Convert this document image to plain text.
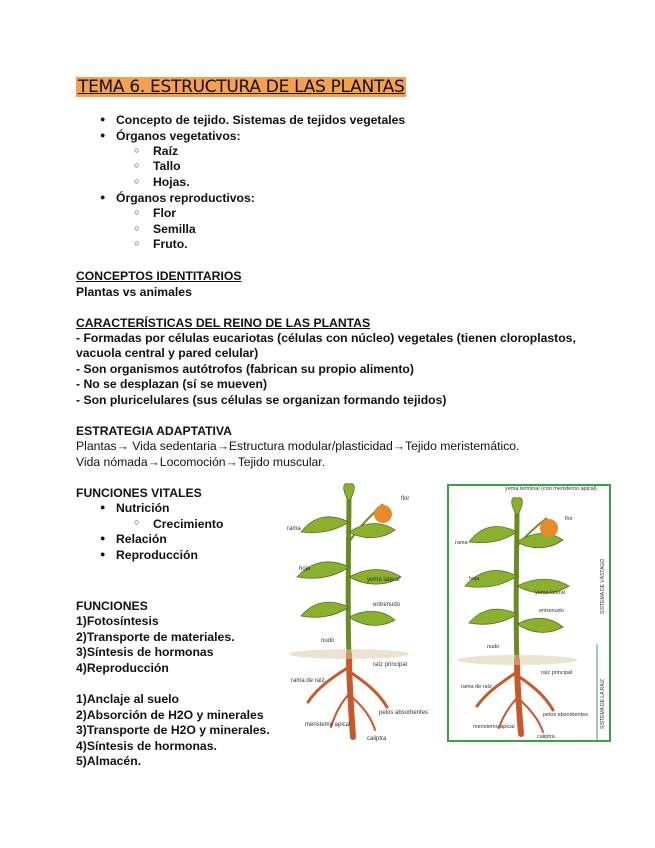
TEMA 6. ESTRUCTURA DE LAS PLANTAS
● Concepto de tejido. Sistemas de tejidos vegetales
● Órganos vegetativos:
○ Raíz
○ Tallo
○ Hojas.
● Órganos reproductivos:
○ Flor
○ Semilla
○ Fruto.
CONCEPTOS IDENTITARIOS
Plantas vs animales
CARACTERÍSTICAS DEL REINO DE LAS PLANTAS
- Formadas por células eucariotas (células con núcleo) vegetales (tienen cloroplastos,
vacuola central y pared celular)
- Son organismos autótrofos (fabrican su propio alimento)
- No se desplazan (sí se mueven)
- Son pluricelulares (sus células se organizan formando tejidos)
ESTRATEGIA ADAPTATIVA
Plantas→ Vida sedentaria→Estructura modular/plasticidad→Tejido meristemático.
Vida nómada→Locomoción→Tejido muscular.
FUNCIONES VITALES
● Nutrición
○ Crecimiento
● Relación
● Reproducción
FUNCIONES
1)Fotosíntesis
2)Transporte de materiales.
3)Síntesis de hormonas
4)Reproducción
1)Anclaje al suelo
2)Absorción de H2O y minerales
3)Transporte de H2O y minerales.
4)Síntesis de hormonas.
5)Almacén.
flor
rama
hoja
yema lateral
entrenudo
nudo
raíz principal
rama de raíz
pelos absorbentes
meristemo apical
caliptra
yema terminal (con meristemo apical)
flor
rama
hoja
yema lateral
entrenudo
nudo
raíz principal
rama de raíz
pelos absorbentes
meristemo apical
caliptra
SISTEMA DE VÁSTAGO
SISTEMA DE LA RAÍZ
